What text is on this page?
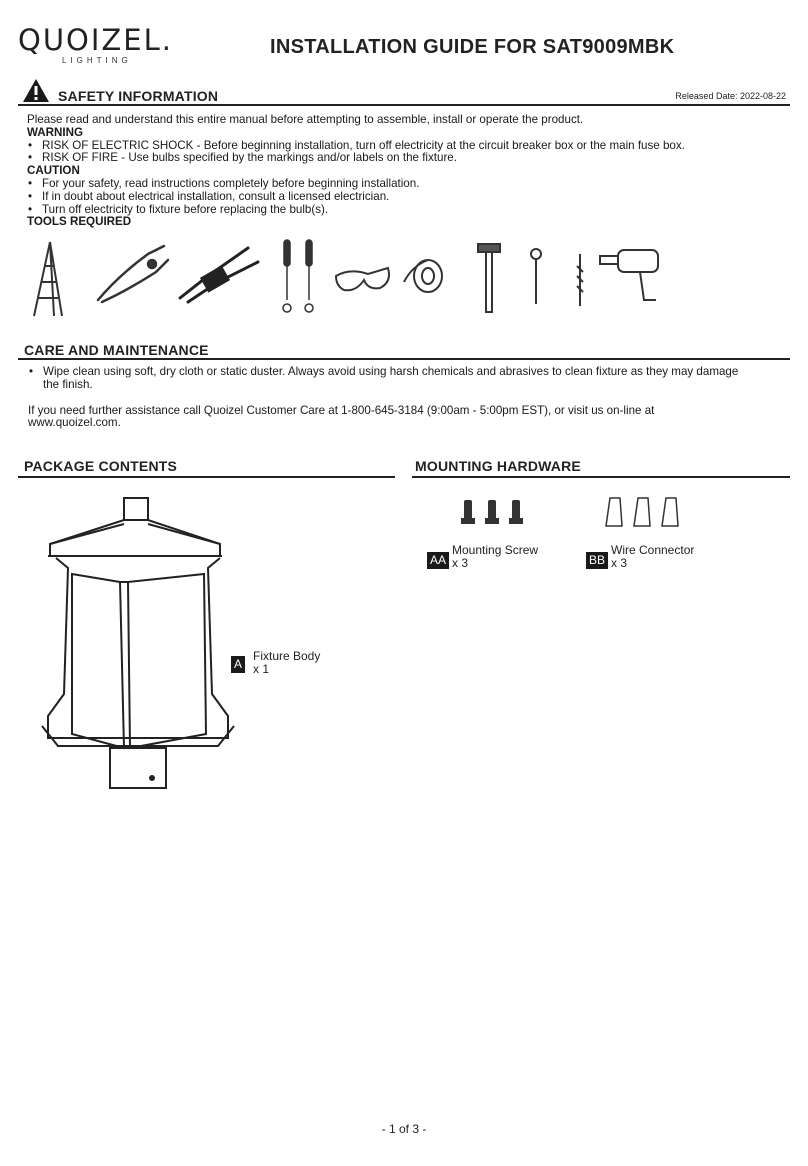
QUOIZEL.
LIGHTING
INSTALLATION GUIDE FOR SAT9009MBK
SAFETY INFORMATION	Released Date: 2022-08-22
Please read and understand this entire manual before attempting to assemble, install or operate the product.
WARNING
• RISK OF ELECTRIC SHOCK - Before beginning installation, turn off electricity at the circuit breaker box or the main fuse box.
• RISK OF FIRE - Use bulbs specified by the markings and/or labels on the fixture.
CAUTION
• For your safety, read instructions completely before beginning installation.
• If in doubt about electrical installation, consult a licensed electrician.
• Turn off electricity to fixture before replacing the bulb(s).
TOOLS REQUIRED
CARE AND MAINTENANCE
• Wipe clean using soft, dry cloth or static duster. Always avoid using harsh chemicals and abrasives to clean fixture as they may damage
the finish.
If you need further assistance call Quoizel Customer Care at 1-800-645-3184 (9:00am - 5:00pm EST), or visit us on-line at
www.quoizel.com.
PACKAGE CONTENTS
A
Fixture Body
x 1
MOUNTING HARDWARE
AA
Mounting Screw
x 3	BB
Wire Connector
x 3
- 1 of 3 -
